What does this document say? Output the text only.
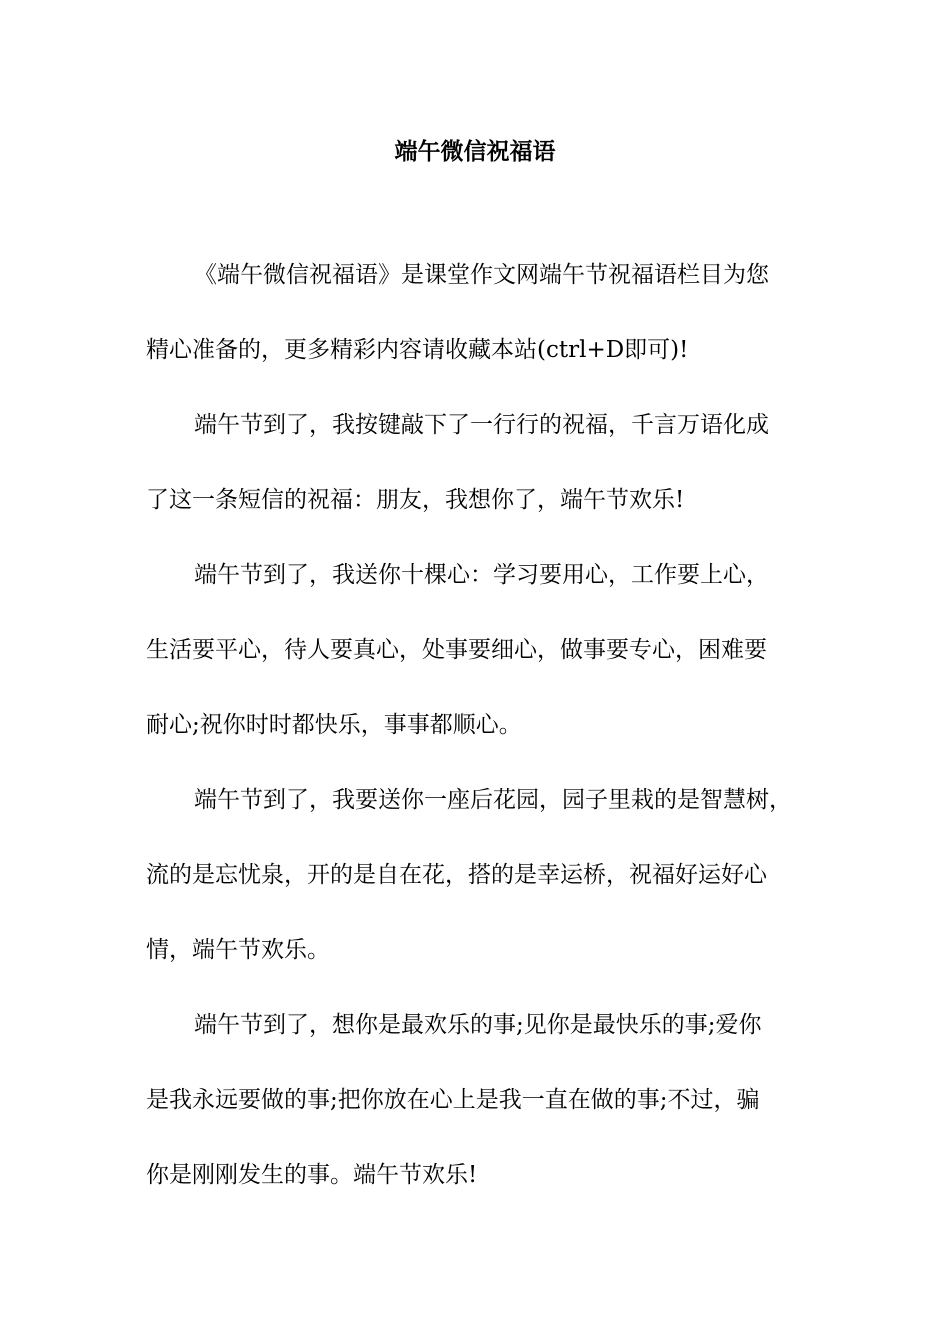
端午微信祝福语
《端午微信祝福语》是课堂作文网端午节祝福语栏目为您
精心准备的，更多精彩内容请收藏本站(ctrl+D即可)!
端午节到了，我按键敲下了一行行的祝福，千言万语化成
了这一条短信的祝福：朋友，我想你了，端午节欢乐!
端午节到了，我送你十棵心：学习要用心，工作要上心，
生活要平心，待人要真心，处事要细心，做事要专心，困难要
耐心;祝你时时都快乐，事事都顺心。
端午节到了，我要送你一座后花园，园子里栽的是智慧树，
流的是忘忧泉，开的是自在花，搭的是幸运桥，祝福好运好心
情，端午节欢乐。
端午节到了，想你是最欢乐的事;见你是最快乐的事;爱你
是我永远要做的事;把你放在心上是我一直在做的事;不过，骗
你是刚刚发生的事。端午节欢乐!
